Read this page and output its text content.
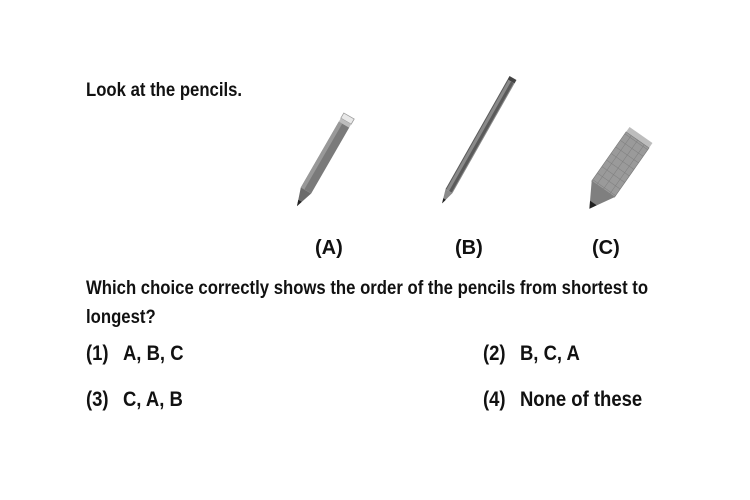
Look at the pencils.
(A)	(B)	(C)
Which choice correctly shows the order of the pencils from shortest to longest?
(1) A, B, C	(2) B, C, A
(3) C, A, B	(4) None of these
